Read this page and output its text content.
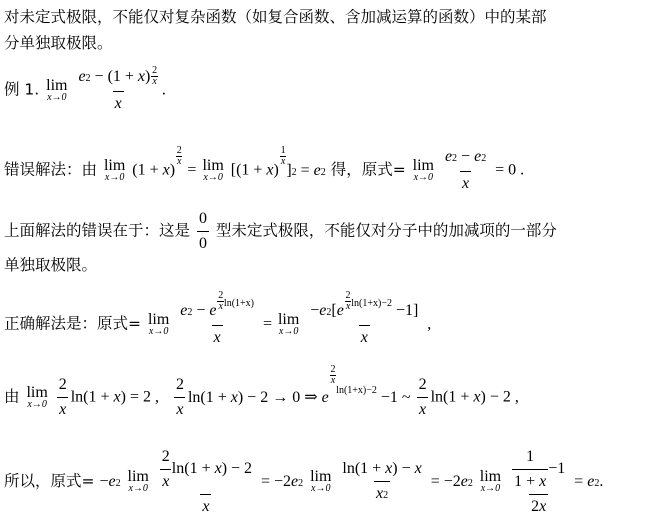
对未定式极限，不能仅对复杂函数（如复合函数、含加减运算的函数）中的某部
分单独取极限。
例 1. lim
x→0
$\frac{e2 - (1 + x) \frac{2}{x}}{x}$ .
错误解法：由 lim
x→0 (1 + x)
$\frac{2}{x}$
= lim
x→0 [(1 + x)
$\frac{1}{x}$
]2 = e2 得，原式= lim
x→0
$\frac{e2 - e2}{x} = 0$ .
上面解法的错误在于：这是 $\frac{0}{0}$ 型未定式极限，不能仅对分子中的加减项的一部分
单独取极限。
正确解法是：原式= lim
x→0
e2 − e $^{\frac{2}{x} ln(1+x)}$
x = lim
x→0
−e2[e $^{\frac{2}{x} ln(1+x)-2}$ −1]
x ,
由 lim
x→0
$\frac{2}{x} \ln(1 + x) = 2$ , $\frac{2}{x} \ln(1 + x) - 2 \to 0$ ⇒ e
$^{\frac{2}{x} ln(1+x)-2}$ −1 ~ $\frac{2}{x} \ln(1 + x) - 2$ ,
所以，原式= −e2 lim
x→0
$\frac{\frac{2}{x} \ln(1 + x) - 2}{x} = -2e2$ lim
x→0
$\frac{\ln(1 + x) - x}{x2} = -2e2$ lim
x→0
$\frac{\frac{1}{1 + x} -1}{2x} = e2$.
